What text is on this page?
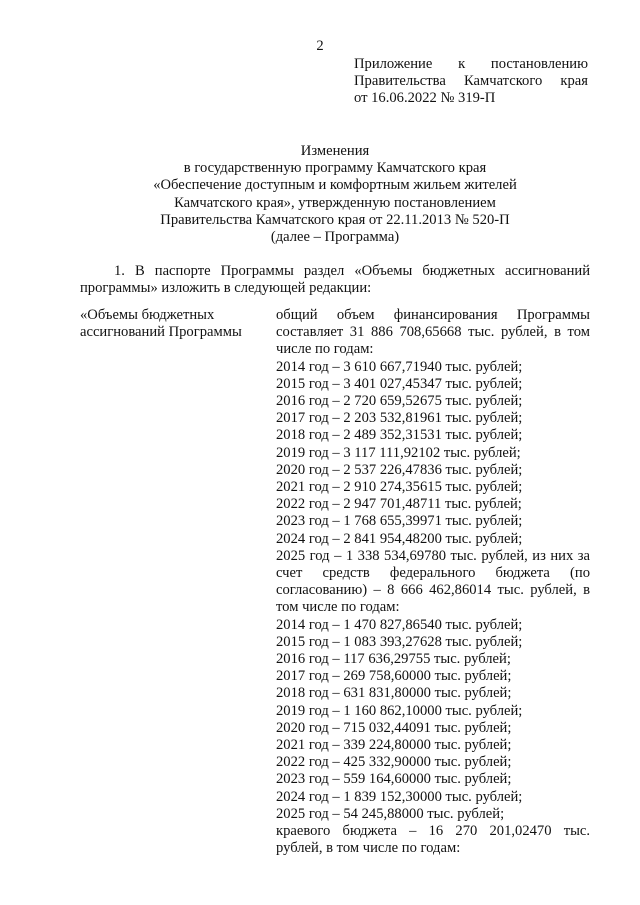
2
Приложение к постановлению
Правительства Камчатского края
от 16.06.2022 № 319-П
Изменения
в государственную программу Камчатского края
«Обеспечение доступным и комфортным жильем жителей
Камчатского края», утвержденную постановлением
Правительства Камчатского края от 22.11.2013 № 520-П
(далее – Программа)
1. В паспорте Программы раздел «Объемы бюджетных ассигнований
программы» изложить в следующей редакции:
«Объемы бюджетных
ассигнований Программы
общий объем финансирования Программы
составляет 31 886 708,65668 тыс. рублей, в том
числе по годам:
2014 год – 3 610 667,71940 тыс. рублей;
2015 год – 3 401 027,45347 тыс. рублей;
2016 год – 2 720 659,52675 тыс. рублей;
2017 год – 2 203 532,81961 тыс. рублей;
2018 год – 2 489 352,31531 тыс. рублей;
2019 год – 3 117 111,92102 тыс. рублей;
2020 год – 2 537 226,47836 тыс. рублей;
2021 год – 2 910 274,35615 тыс. рублей;
2022 год – 2 947 701,48711 тыс. рублей;
2023 год – 1 768 655,39971 тыс. рублей;
2024 год – 2 841 954,48200 тыс. рублей;
2025 год – 1 338 534,69780 тыс. рублей, из них за
счет средств федерального бюджета (по
согласованию) – 8 666 462,86014 тыс. рублей, в
том числе по годам:
2014 год – 1 470 827,86540 тыс. рублей;
2015 год – 1 083 393,27628 тыс. рублей;
2016 год – 117 636,29755 тыс. рублей;
2017 год – 269 758,60000 тыс. рублей;
2018 год – 631 831,80000 тыс. рублей;
2019 год – 1 160 862,10000 тыс. рублей;
2020 год – 715 032,44091 тыс. рублей;
2021 год – 339 224,80000 тыс. рублей;
2022 год – 425 332,90000 тыс. рублей;
2023 год – 559 164,60000 тыс. рублей;
2024 год – 1 839 152,30000 тыс. рублей;
2025 год – 54 245,88000 тыс. рублей;
краевого бюджета – 16 270 201,02470 тыс.
рублей, в том числе по годам:
